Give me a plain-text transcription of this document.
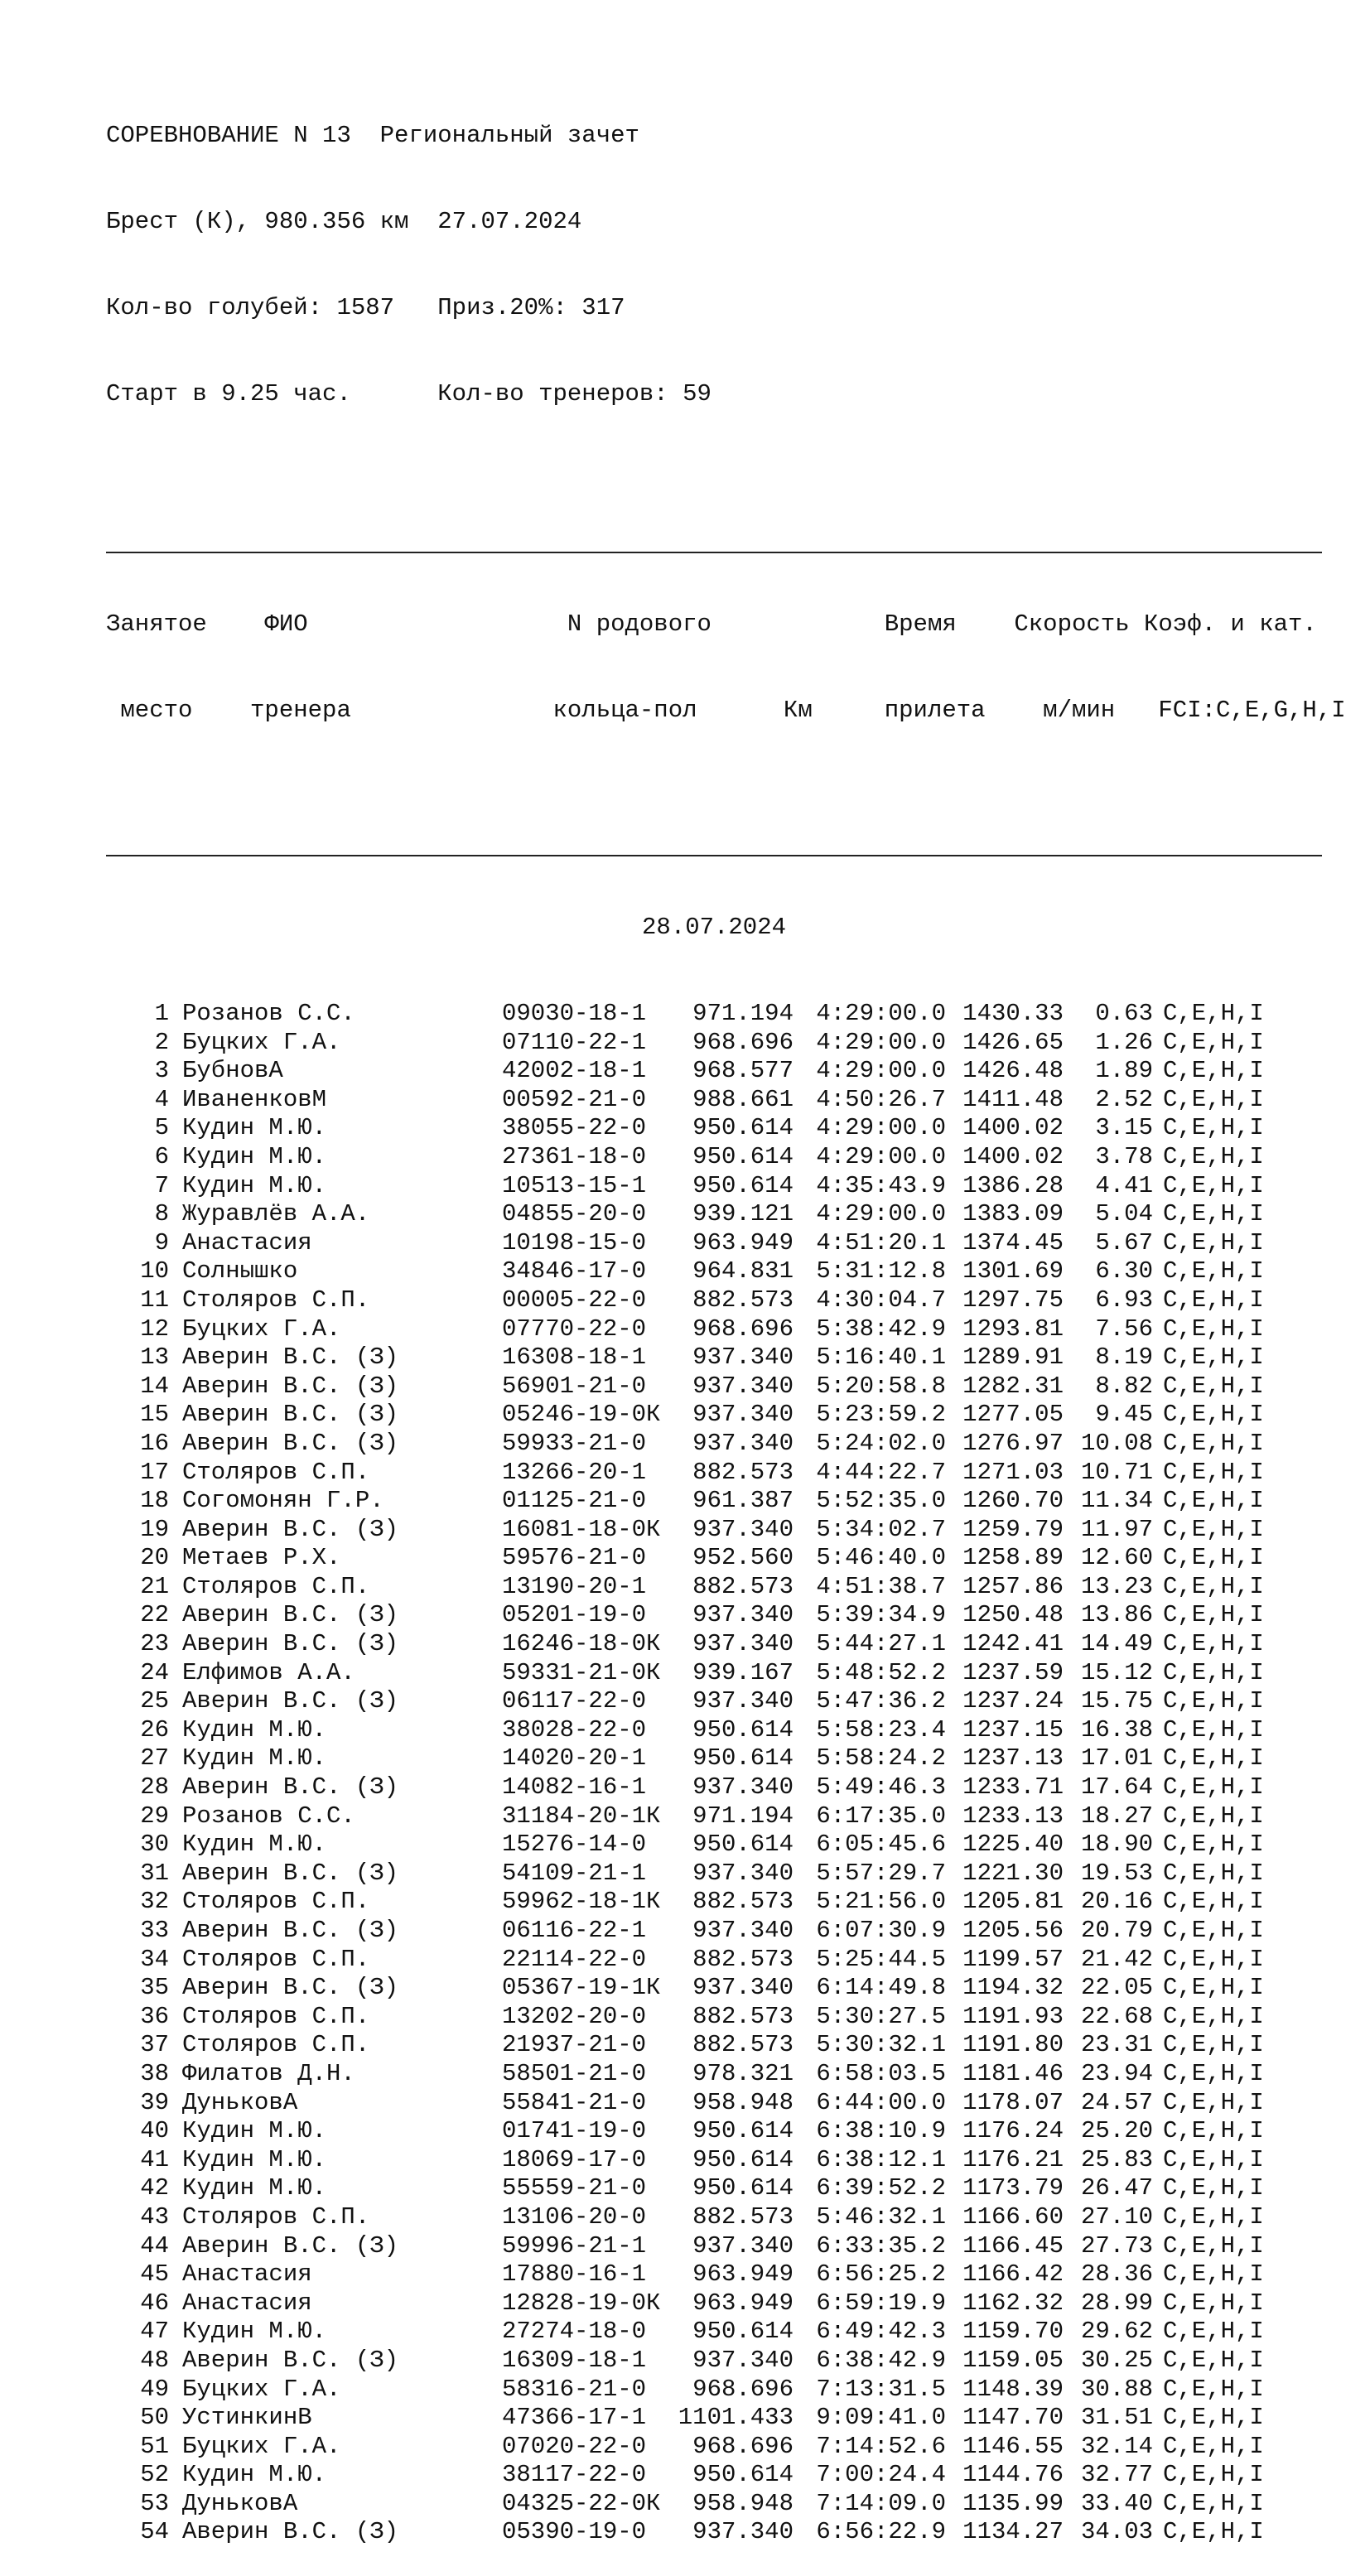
СОРЕВНОВАНИЕ N 13  Региональный зачет

Брест (К), 980.356 км  27.07.2024

Кол-во голубей: 1587   Приз.20%: 317

Старт в 9.25 час.      Кол-во тренеров: 59

Занятое    ФИО                  N родового            Время    Скорость Коэф. и кат.

место    тренера              кольца-пол      Км     прилета    м/мин   FCI:C,E,G,H,I

28.07.2024

1 Розанов С.С.	09030-18-1	971.194 4:29:00.0 1430.33	0.63 C,E,H,I
2 Буцких Г.А.	07110-22-1	968.696 4:29:00.0 1426.65	1.26 C,E,H,I
3 БубновА	42002-18-1	968.577 4:29:00.0 1426.48	1.89 C,E,H,I
4 ИваненковМ	00592-21-0	988.661 4:50:26.7 1411.48	2.52 C,E,H,I
5 Кудин М.Ю.	38055-22-0	950.614 4:29:00.0 1400.02	3.15 C,E,H,I
6 Кудин М.Ю.	27361-18-0	950.614 4:29:00.0 1400.02	3.78 C,E,H,I
7 Кудин М.Ю.	10513-15-1	950.614 4:35:43.9 1386.28	4.41 C,E,H,I
8 Журавлёв А.А.	04855-20-0	939.121 4:29:00.0 1383.09	5.04 C,E,H,I
9 Анастасия	10198-15-0	963.949 4:51:20.1 1374.45	5.67 C,E,H,I
10 Солнышко	34846-17-0	964.831 5:31:12.8 1301.69	6.30 C,E,H,I
11 Столяров С.П.	00005-22-0	882.573 4:30:04.7 1297.75	6.93 C,E,H,I
12 Буцких Г.А.	07770-22-0	968.696 5:38:42.9 1293.81	7.56 C,E,H,I
13 Аверин В.С. (З)	16308-18-1	937.340 5:16:40.1 1289.91	8.19 C,E,H,I
14 Аверин В.С. (З)	56901-21-0	937.340 5:20:58.8 1282.31	8.82 C,E,H,I
15 Аверин В.С. (З)	05246-19-0К	937.340 5:23:59.2 1277.05	9.45 C,E,H,I
16 Аверин В.С. (З)	59933-21-0	937.340 5:24:02.0 1276.97 10.08 C,E,H,I
17 Столяров С.П.	13266-20-1	882.573 4:44:22.7 1271.03 10.71 C,E,H,I
18 Согомонян Г.Р.	01125-21-0	961.387 5:52:35.0 1260.70 11.34 C,E,H,I
19 Аверин В.С. (З)	16081-18-0К	937.340 5:34:02.7 1259.79 11.97 C,E,H,I
20 Метаев Р.Х.	59576-21-0	952.560 5:46:40.0 1258.89 12.60 C,E,H,I
21 Столяров С.П.	13190-20-1	882.573 4:51:38.7 1257.86 13.23 C,E,H,I
22 Аверин В.С. (З)	05201-19-0	937.340 5:39:34.9 1250.48 13.86 C,E,H,I
23 Аверин В.С. (З)	16246-18-0К	937.340 5:44:27.1 1242.41 14.49 C,E,H,I
24 Елфимов А.А.	59331-21-0К	939.167 5:48:52.2 1237.59 15.12 C,E,H,I
25 Аверин В.С. (З)	06117-22-0	937.340 5:47:36.2 1237.24 15.75 C,E,H,I
26 Кудин М.Ю.	38028-22-0	950.614 5:58:23.4 1237.15 16.38 C,E,H,I
27 Кудин М.Ю.	14020-20-1	950.614 5:58:24.2 1237.13 17.01 C,E,H,I
28 Аверин В.С. (З)	14082-16-1	937.340 5:49:46.3 1233.71 17.64 C,E,H,I
29 Розанов С.С.	31184-20-1К	971.194 6:17:35.0 1233.13 18.27 C,E,H,I
30 Кудин М.Ю.	15276-14-0	950.614 6:05:45.6 1225.40 18.90 C,E,H,I
31 Аверин В.С. (З)	54109-21-1	937.340 5:57:29.7 1221.30 19.53 C,E,H,I
32 Столяров С.П.	59962-18-1К	882.573 5:21:56.0 1205.81 20.16 C,E,H,I
33 Аверин В.С. (З)	06116-22-1	937.340 6:07:30.9 1205.56 20.79 C,E,H,I
34 Столяров С.П.	22114-22-0	882.573 5:25:44.5 1199.57 21.42 C,E,H,I
35 Аверин В.С. (З)	05367-19-1К	937.340 6:14:49.8 1194.32 22.05 C,E,H,I
36 Столяров С.П.	13202-20-0	882.573 5:30:27.5 1191.93 22.68 C,E,H,I
37 Столяров С.П.	21937-21-0	882.573 5:30:32.1 1191.80 23.31 C,E,H,I
38 Филатов Д.Н.	58501-21-0	978.321 6:58:03.5 1181.46 23.94 C,E,H,I
39 ДуньковА	55841-21-0	958.948 6:44:00.0 1178.07 24.57 C,E,H,I
40 Кудин М.Ю.	01741-19-0	950.614 6:38:10.9 1176.24 25.20 C,E,H,I
41 Кудин М.Ю.	18069-17-0	950.614 6:38:12.1 1176.21 25.83 C,E,H,I
42 Кудин М.Ю.	55559-21-0	950.614 6:39:52.2 1173.79 26.47 C,E,H,I
43 Столяров С.П.	13106-20-0	882.573 5:46:32.1 1166.60 27.10 C,E,H,I
44 Аверин В.С. (З)	59996-21-1	937.340 6:33:35.2 1166.45 27.73 C,E,H,I
45 Анастасия	17880-16-1	963.949 6:56:25.2 1166.42 28.36 C,E,H,I
46 Анастасия	12828-19-0К	963.949 6:59:19.9 1162.32 28.99 C,E,H,I
47 Кудин М.Ю.	27274-18-0	950.614 6:49:42.3 1159.70 29.62 C,E,H,I
48 Аверин В.С. (З)	16309-18-1	937.340 6:38:42.9 1159.05 30.25 C,E,H,I
49 Буцких Г.А.	58316-21-0	968.696 7:13:31.5 1148.39 30.88 C,E,H,I
50 УстинкинВ	47366-17-1	1101.433 9:09:41.0 1147.70 31.51 C,E,H,I
51 Буцких Г.А.	07020-22-0	968.696 7:14:52.6 1146.55 32.14 C,E,H,I
52 Кудин М.Ю.	38117-22-0	950.614 7:00:24.4 1144.76 32.77 C,E,H,I
53 ДуньковА	04325-22-0К	958.948 7:14:09.0 1135.99 33.40 C,E,H,I
54 Аверин В.С. (З)	05390-19-0	937.340 6:56:22.9 1134.27 34.03 C,E,H,I
